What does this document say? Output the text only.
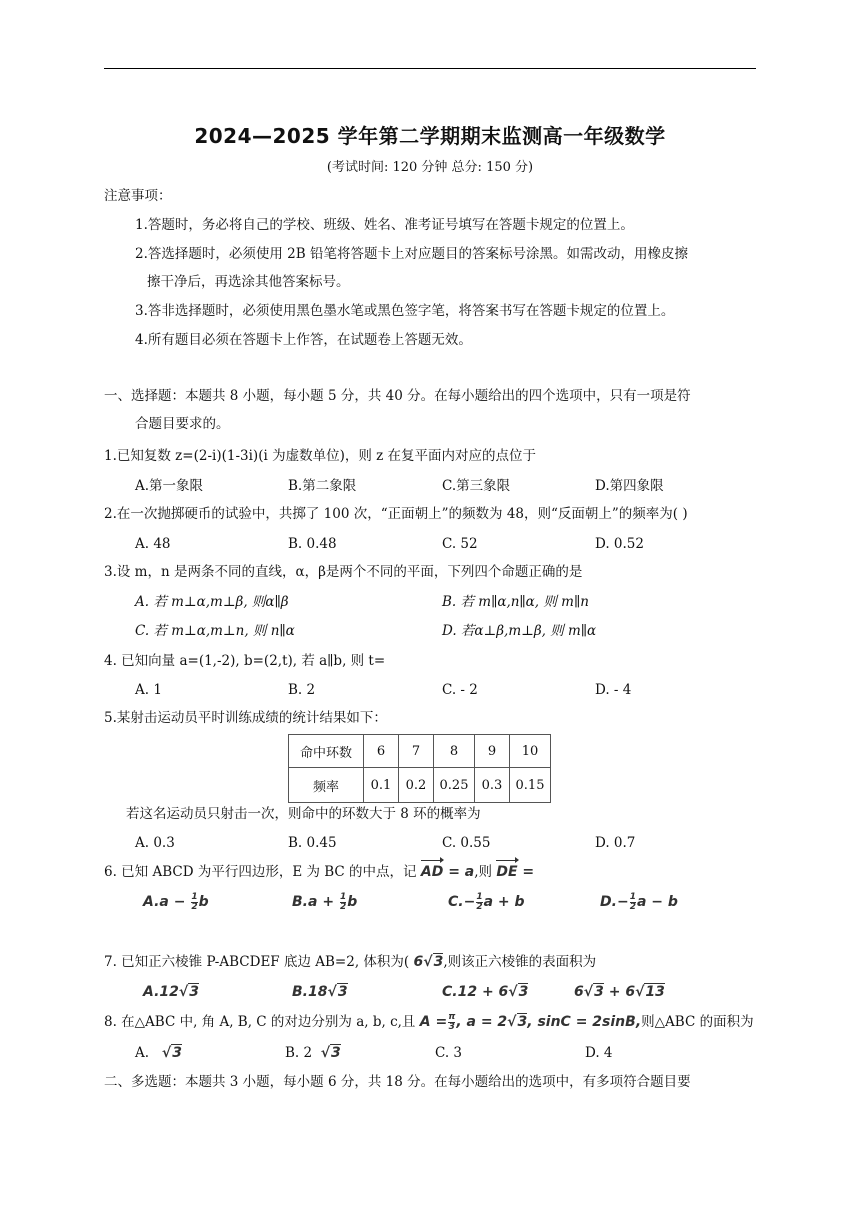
2024—2025 学年第二学期期末监测高一年级数学
(考试时间: 120 分钟 总分: 150 分)
注意事项：
1.答题时，务必将自己的学校、班级、姓名、准考证号填写在答题卡规定的位置上。
2.答选择题时，必须使用 2B 铅笔将答题卡上对应题目的答案标号涂黑。如需改动，用橡皮擦
擦干净后，再选涂其他答案标号。
3.答非选择题时，必须使用黑色墨水笔或黑色签字笔，将答案书写在答题卡规定的位置上。
4.所有题目必须在答题卡上作答，在试题卷上答题无效。
一、选择题：本题共 8 小题，每小题 5 分，共 40 分。在每小题给出的四个选项中，只有一项是符
合题目要求的。
1.已知复数 z=(2-i)(1-3i)(i 为虚数单位)，则 z 在复平面内对应的点位于
A.第一象限	B.第二象限	C.第三象限	D.第四象限
2.在一次抛掷硬币的试验中，共掷了 100 次，“正面朝上”的频数为 48，则“反面朝上”的频率为( )
A. 48	B. 0.48	C. 52	D. 0.52
3.设 m，n 是两条不同的直线，α，β是两个不同的平面，下列四个命题正确的是
A. 若 m⊥α,m⊥β, 则α∥β	B. 若 m∥α,n∥α, 则 m∥n
C. 若 m⊥α,m⊥n, 则 n∥α	D. 若α⊥β,m⊥β, 则 m∥α
4. 已知向量 a=(1,-2), b=(2,t), 若 a∥b, 则 t=
A. 1	B. 2	C. - 2	D. - 4
5.某射击运动员平时训练成绩的统计结果如下：
命中环数	6	7	8	9	10
频率	0.1	0.2	0.25	0.3	0.15
若这名运动员只射击一次，则命中的环数大于 8 环的概率为
A. 0.3	B. 0.45	C. 0.55	D. 0.7
6. 已知 ABCD 为平行四边形，E 为 BC 的中点，记 AD = a,则 DE =
$A.a - \frac{1}{2}$ b	$B.a + \frac{1}{2}$ b	$C.- \frac{1}{2}$ a + b	$D.- \frac{1}{2}$ a − b
7. 已知正六棱锥 P-ABCDEF 底边 AB=2, 体积为( 6√3,则该正六棱锥的表面积为
A.12√3	B.18√3	C.12 + 6√3	6√3 + 6√13
8. 在△ABC 中, 角 A, B, C 的对边分别为 a, b, c,且 $A = \frac{\pi}{3}$ , a = 2√3, sinC = 2sinB,则△ABC 的面积为
A. √3	B. 2 √3	C. 3	D. 4
二、多选题：本题共 3 小题，每小题 6 分，共 18 分。在每小题给出的选项中，有多项符合题目要
